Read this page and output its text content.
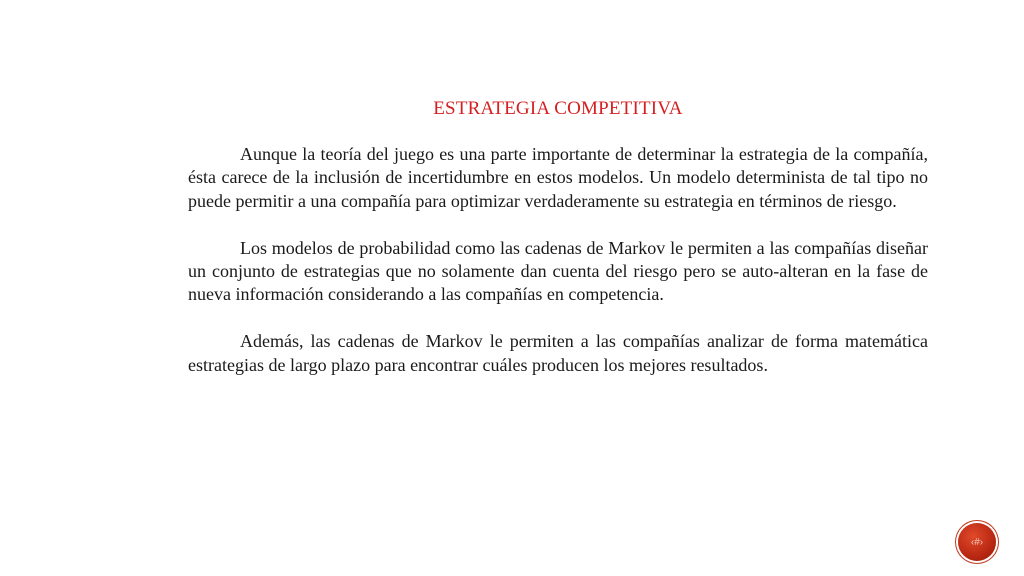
ESTRATEGIA COMPETITIVA

Aunque la teoría del juego es una parte importante de determinar la estrategia de la compañía, ésta carece de la inclusión de incertidumbre en estos modelos. Un modelo determinista de tal tipo no puede permitir a una compañía para optimizar verdaderamente su estrategia en términos de riesgo.

Los modelos de probabilidad como las cadenas de Markov le permiten a las compañías diseñar un conjunto de estrategias que no solamente dan cuenta del riesgo pero se auto-alteran en la fase de nueva información considerando a las compañías en competencia.

Además, las cadenas de Markov le permiten a las compañías analizar de forma matemática estrategias de largo plazo para encontrar cuáles producen los mejores resultados.

‹#›
